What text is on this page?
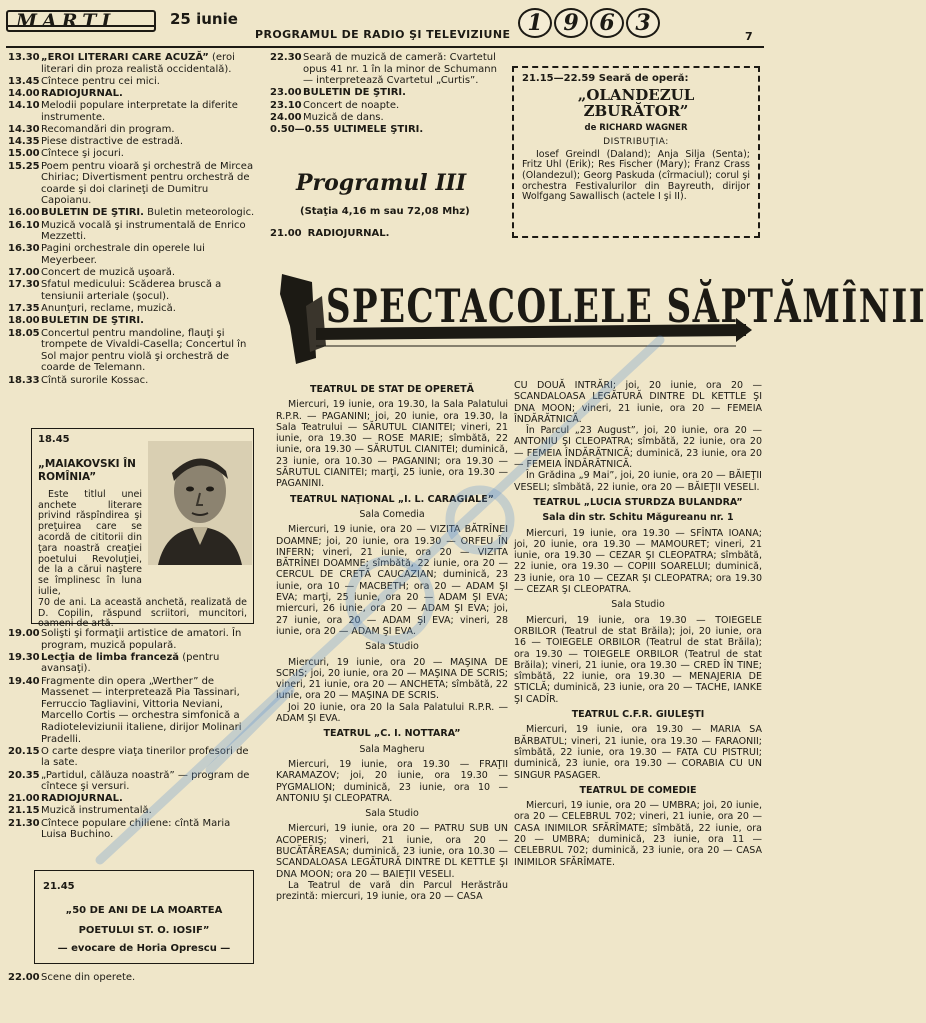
MARTI	25 iunie
PROGRAMUL DE RADIO ŞI TELEVIZIUNE 1 9 6 3
7
13.30 „EROI LITERARI CARE ACUZĂ” (eroi literari din proza realistă occidentală).
13.45 Cîntece pentru cei mici.
14.00 RADIOJURNAL.
14.10 Melodii populare interpretate la diferite instrumente.
14.30 Recomandări din program.
14.35 Piese distractive de estradă.
15.00 Cîntece şi jocuri.
15.25 Poem pentru vioară şi orchestră de Mircea Chiriac; Divertisment pentru orchestră de coarde şi doi clarineţi de Dumitru Capoianu.
16.00 BULETIN DE ŞTIRI. Buletin meteorologic.
16.10 Muzică vocală şi instrumentală de Enrico Mezzetti.
16.30 Pagini orchestrale din operele lui Meyerbeer.
17.00 Concert de muzică uşoară.
17.30 Sfatul medicului: Scăderea bruscă a tensiunii arteriale (şocul).
17.35 Anunţuri, reclame, muzică.
18.00 BULETIN DE ŞTIRI.
18.05 Concertul pentru mandoline, flauţi şi trompete de Vivaldi-Casella; Concertul în Sol major pentru violă şi orchestră de coarde de Telemann.
18.33 Cîntă surorile Kossac.
18.45
„MAIAKOVSKI ÎN ROMÎNIA”
Este titlul unei anchete literare privind răspîndirea şi preţuirea care se acordă de cititorii din ţara noastră creaţiei poetului Revoluţiei, de la a cărui naştere se împlinesc în luna iulie,
70 de ani. La această anchetă, realizată de D. Copilin, răspund scriitori, muncitori, oameni de artă.
19.00 Solişti şi formaţii artistice de amatori. În program, muzică populară.
19.30 Lecţia de limba franceză (pentru avansaţi).
19.40 Fragmente din opera „Werther” de Massenet — interpretează Pia Tassinari, Ferruccio Tagliavini, Vittoria Neviani, Marcello Cortis — orchestra simfonică a Radioteleviziunii italiene, dirijor Molinari Pradelli.
20.15 O carte despre viaţa tinerilor profesori de la sate.
20.35 „Partidul, călăuza noastră” — program de cîntece şi versuri.
21.00 RADIOJURNAL.
21.15 Muzică instrumentală.
21.30 Cîntece populare chiliene: cîntă Maria Luisa Buchino.
21.45
„50 DE ANI DE LA MOARTEA POETULUI ST. O. IOSIF”
— evocare de Horia Oprescu —
22.00 Scene din operete.
22.30 Seară de muzică de cameră: Cvartetul opus 41 nr. 1 în la minor de Schumann — interpretează Cvartetul „Curtis”.
23.00 BULETIN DE ŞTIRI.
23.10 Concert de noapte.
24.00 Muzică de dans.
0.50—0.55 ULTIMELE ŞTIRI.
Programul III
(Staţia 4,16 m sau 72,08 Mhz)
21.00 RADIOJURNAL.
21.15—22.59 Seară de operă:
„OLANDEZUL
ZBURĂTOR”
de RICHARD WAGNER
DISTRIBUŢIA:
Iosef Greindl (Daland); Anja Silja (Senta); Fritz Uhl (Erik); Res Fischer (Mary); Franz Crass (Olandezul); Georg Paskuda (cîrmaciul); corul şi orchestra Festivalurilor din Bayreuth, dirijor Wolfgang Sawallisch (actele I şi II).
SPECTACOLELE SĂPTĂMÎNII
TEATRUL DE STAT DE OPERETĂ
Miercuri, 19 iunie, ora 19.30, la Sala Palatului R.P.R. — PAGANINI; joi, 20 iunie, ora 19.30, la Sala Teatrului — SĂRUTUL CIANITEI; vineri, 21 iunie, ora 19.30 — ROSE MARIE; sîmbătă, 22 iunie, ora 19.30 — SĂRUTUL CIANITEI; duminică, 23 iunie, ora 10.30 — PAGANINI; ora 19.30 — SĂRUTUL CIANITEI; marţi, 25 iunie, ora 19.30 — PAGANINI.
TEATRUL NAŢIONAL „I. L. CARAGIALE”
Sala Comedia
Miercuri, 19 iunie, ora 20 — VIZITA BĂTRÎNEI DOAMNE; joi, 20 iunie, ora 19.30 — ORFEU ÎN INFERN; vineri, 21 iunie, ora 20 — VIZITA BĂTRÎNEI DOAMNE; sîmbătă, 22 iunie, ora 20 — CERCUL DE CRETĂ CAUCAZIAN; duminică, 23 iunie, ora 10 — MACBETH; ora 20 — ADAM ŞI EVA; marţi, 25 iunie, ora 20 — ADAM ŞI EVA; miercuri, 26 iunie, ora 20 — ADAM ŞI EVA; joi, 27 iunie, ora 20 — ADAM ŞI EVA; vineri, 28 iunie, ora 20 — ADAM ŞI EVA.
Sala Studio
Miercuri, 19 iunie, ora 20 — MAŞINA DE SCRIS; joi, 20 iunie, ora 20 — MAŞINA DE SCRIS; vineri, 21 iunie, ora 20 — ANCHETA; sîmbătă, 22 iunie, ora 20 — MAŞINA DE SCRIS.
Joi 20 iunie, ora 20 la Sala Palatului R.P.R. — ADAM ŞI EVA.
TEATRUL „C. I. NOTTARA”
Sala Magheru
Miercuri, 19 iunie, ora 19.30 — FRAŢII KARAMAZOV; joi, 20 iunie, ora 19.30 — PYGMALION; duminică, 23 iunie, ora 10 — ANTONIU ŞI CLEOPATRA.
Sala Studio
Miercuri, 19 iunie, ora 20 — PATRU SUB UN ACOPERIŞ; vineri, 21 iunie, ora 20 — BUCĂTĂREASA; duminică, 23 iunie, ora 10.30 — SCANDALOASA LEGĂTURĂ DINTRE DL KETTLE ŞI DNA MOON; ora 20 — BAIEŢII VESELI.
La Teatrul de vară din Parcul Herăstrău prezintă: miercuri, 19 iunie, ora 20 — CASA
CU DOUĂ INTRĂRI; joi, 20 iunie, ora 20 — SCANDALOASA LEGĂTURĂ DINTRE DL KETTLE ŞI DNA MOON; vineri, 21 iunie, ora 20 — FEMEIA ÎNDĂRĂTNICĂ.
În Parcul „23 August”, joi, 20 iunie, ora 20 — ANTONIU ŞI CLEOPATRA; sîmbătă, 22 iunie, ora 20 — FEMEIA ÎNDĂRĂTNICĂ; duminică, 23 iunie, ora 20 — FEMEIA ÎNDĂRĂTNICĂ.
În Grădina „9 Mai”, joi, 20 iunie, ora 20 — BĂIEŢII VESELI; sîmbătă, 22 iunie, ora 20 — BĂIEŢII VESELI.
TEATRUL „LUCIA STURDZA BULANDRA”
Sala din str. Schitu Măgureanu nr. 1
Miercuri, 19 iunie, ora 19.30 — SFÎNTA IOANA; joi, 20 iunie, ora 19.30 — MAMOURET; vineri, 21 iunie, ora 19.30 — CEZAR ŞI CLEOPATRA; sîmbătă, 22 iunie, ora 19.30 — COPIII SOARELUI; duminică, 23 iunie, ora 10 — CEZAR ŞI CLEOPATRA; ora 19.30 — CEZAR ŞI CLEOPATRA.
Sala Studio
Miercuri, 19 iunie, ora 19.30 — TOIEGELE ORBILOR (Teatrul de stat Brăila); joi, 20 iunie, ora 16 — TOIEGELE ORBILOR (Teatrul de stat Brăila); ora 19.30 — TOIEGELE ORBILOR (Teatrul de stat Brăila); vineri, 21 iunie, ora 19.30 — CRED ÎN TINE; sîmbătă, 22 iunie, ora 19.30 — MENAJERIA DE STICLĂ; duminică, 23 iunie, ora 20 — TACHE, IANKE ŞI CADÎR.
TEATRUL C.F.R. GIULEŞTI
Miercuri, 19 iunie, ora 19.30 — MARIA SA BĂRBATUL; vineri, 21 iunie, ora 19.30 — FARAONII; sîmbătă, 22 iunie, ora 19.30 — FATA CU PISTRUI; duminică, 23 iunie, ora 19.30 — CORABIA CU UN SINGUR PASAGER.
TEATRUL DE COMEDIE
Miercuri, 19 iunie, ora 20 — UMBRA; joi, 20 iunie, ora 20 — CELEBRUL 702; vineri, 21 iunie, ora 20 — CASA INIMILOR SFĂRÎMATE; sîmbătă, 22 iunie, ora 20 — UMBRA; duminică, 23 iunie, ora 11 — CELEBRUL 702; duminică, 23 iunie, ora 20 — CASA INIMILOR SFĂRÎMATE.
